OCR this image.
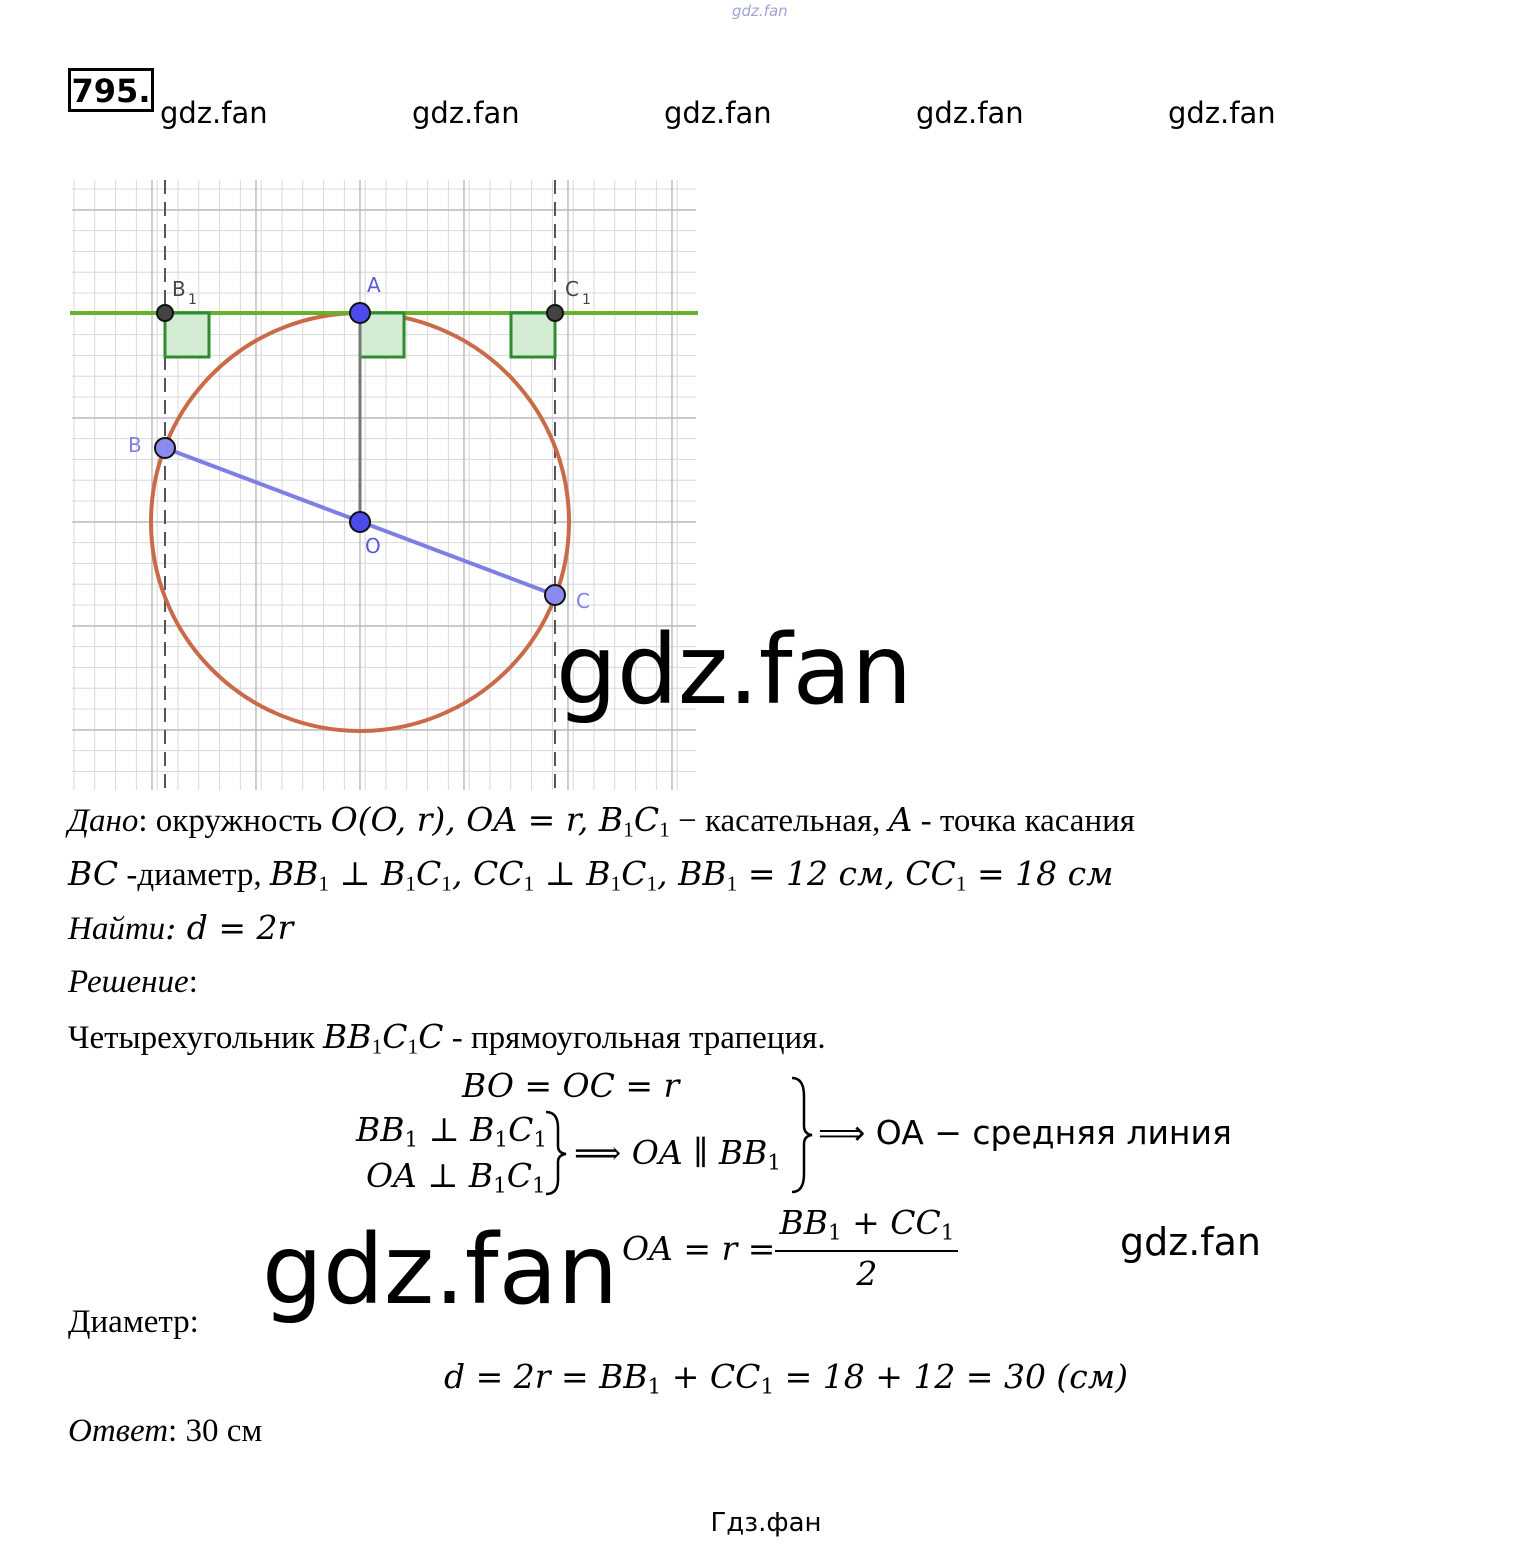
gdz.fan
795.
gdz.fan	gdz.fan	gdz.fan	gdz.fan	gdz.fan
B 1
A	C 1
B
O
C
gdz.fan
Дано: окружность O(O, r), OA = r, $B_1C_1$ − касательная, A - точка касания
BC -диаметр, $BB_1$ ⊥ $B_1C_1$, $CC_1$ ⊥ $B_1C_1$, $BB_1 = 12$ см, $CC_1 = 18$ см
Найти: d = 2r
Решение:
Четырехугольник $BB_1C_1C$ - прямоугольная трапеция.
BO = OC = r
$BB_1$ ⊥ $B_1C_1$
OA ⊥ $B_1C_1$
⟹ OA ∥ $BB_1$
⟹ OA − средняя линия
OA = $r = \frac{BB_1 + CC_1}{2}$
gdz.fan	gdz.fan
Диаметр:
$d = 2r = BB_1 + CC_1 = 18 + 12 = 30$ (см)
Ответ: 30 см
Гдз.фан
